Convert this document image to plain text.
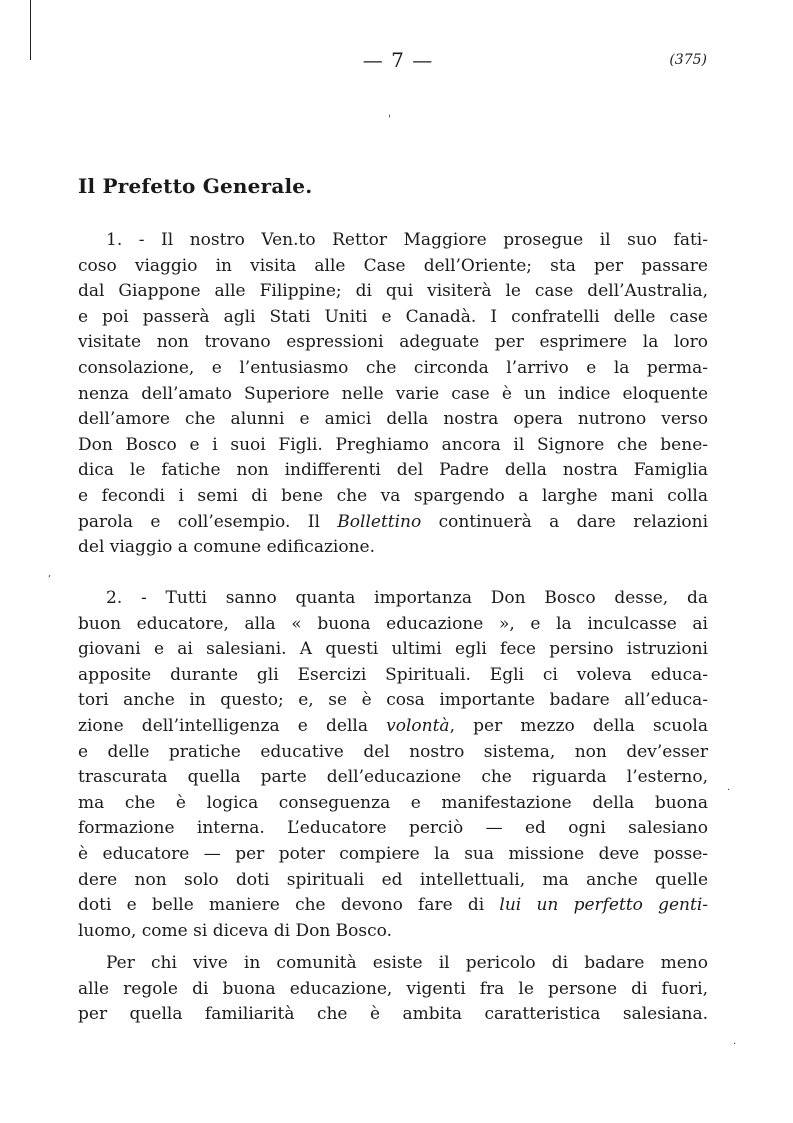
— 7 —	(375)
Il Prefetto Generale.
1. - Il nostro Ven.to Rettor Maggiore prosegue il suo fati-
coso viaggio in visita alle Case dell’Oriente; sta per passare
dal Giappone alle Filippine; di qui visiterà le case dell’Australia,
e poi passerà agli Stati Uniti e Canadà. I confratelli delle case
visitate non trovano espressioni adeguate per esprimere la loro
consolazione, e l’entusiasmo che circonda l’arrivo e la perma-
nenza dell’amato Superiore nelle varie case è un indice eloquente
dell’amore che alunni e amici della nostra opera nutrono verso
Don Bosco e i suoi Figli. Preghiamo ancora il Signore che bene-
dica le fatiche non indifferenti del Padre della nostra Famiglia
e fecondi i semi di bene che va spargendo a larghe mani colla
parola e coll’esempio. Il Bollettino continuerà a dare relazioni
del viaggio a comune edificazione.
2. - Tutti sanno quanta importanza Don Bosco desse, da
buon educatore, alla « buona educazione », e la inculcasse ai
giovani e ai salesiani. A questi ultimi egli fece persino istruzioni
apposite durante gli Esercizi Spirituali. Egli ci voleva educa-
tori anche in questo; e, se è cosa importante badare all’educa-
zione dell’intelligenza e della volontà, per mezzo della scuola
e delle pratiche educative del nostro sistema, non dev’esser
trascurata quella parte dell’educazione che riguarda l’esterno,
ma che è logica conseguenza e manifestazione della buona
formazione interna. L’educatore perciò — ed ogni salesiano
è educatore — per poter compiere la sua missione deve posse-
dere non solo doti spirituali ed intellettuali, ma anche quelle
doti e belle maniere che devono fare di lui un perfetto genti-
luomo, come si diceva di Don Bosco.
Per chi vive in comunità esiste il pericolo di badare meno
alle regole di buona educazione, vigenti fra le persone di fuori,
per quella familiarità che è ambita caratteristica salesiana.
'
,
.
.
